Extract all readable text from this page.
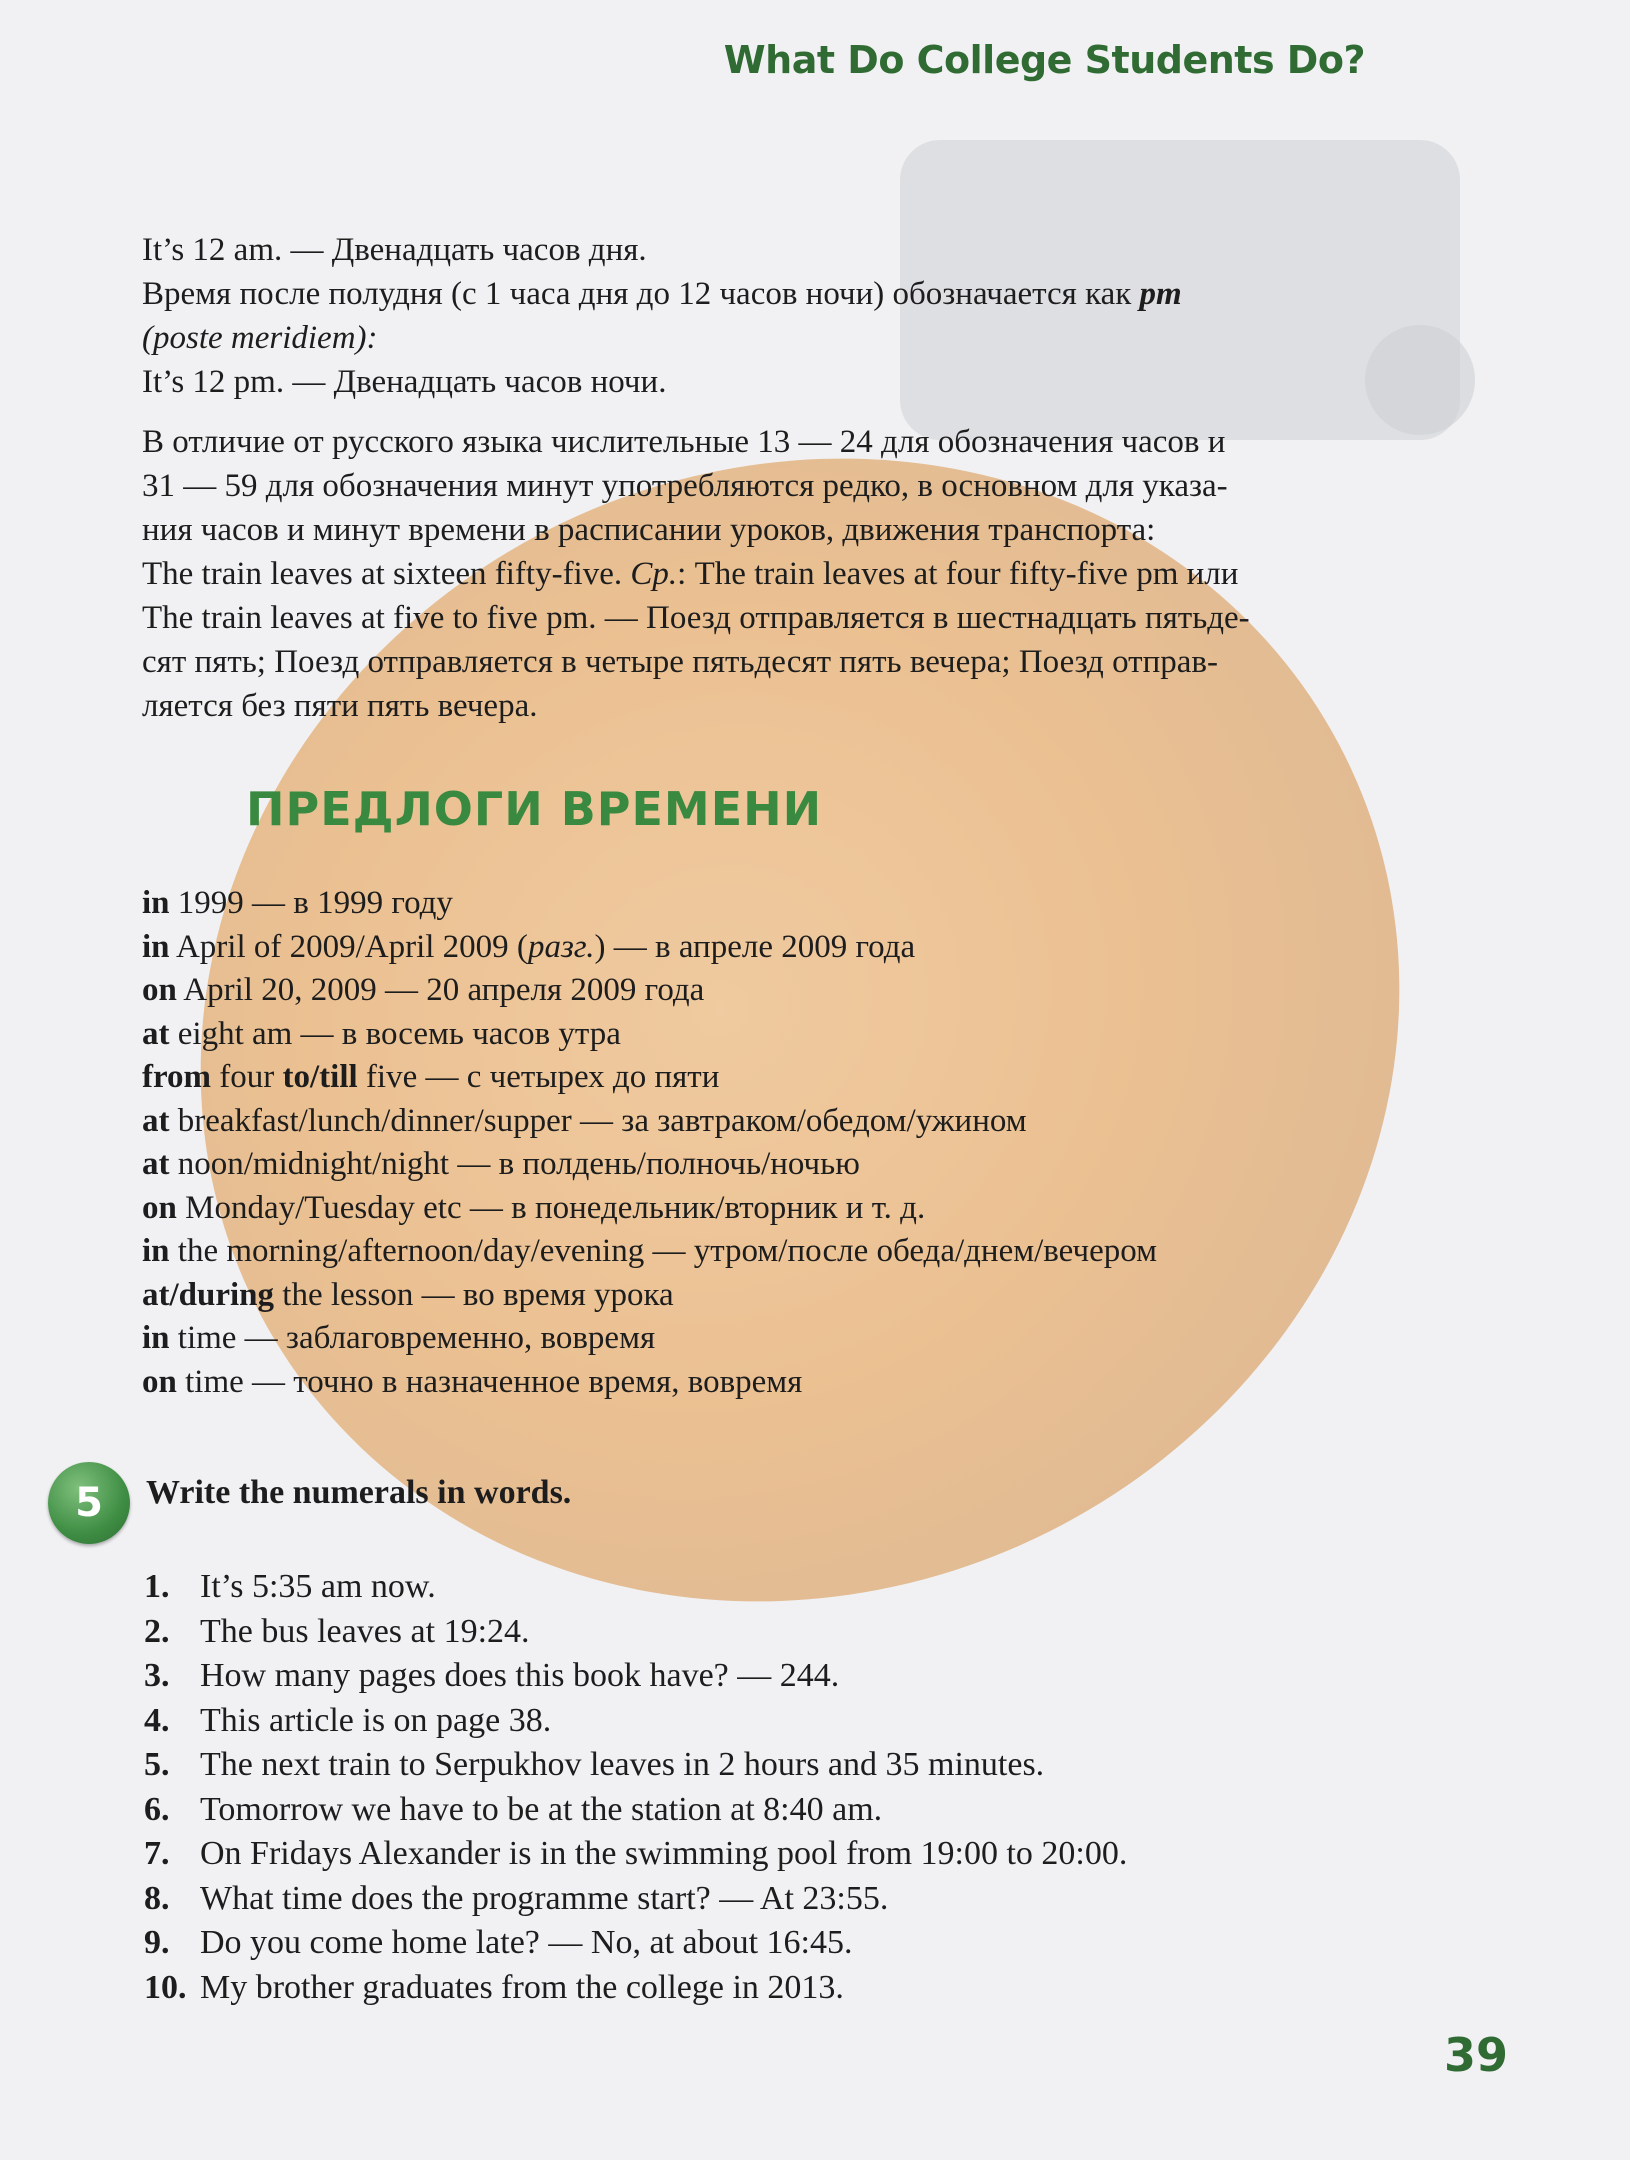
What Do College Students Do?

It’s 12 am. — Двенадцать часов дня.

Время после полудня (с 1 часа дня до 12 часов ночи) обозначается как pm

(poste meridiem):

It’s 12 pm. — Двенадцать часов ночи.

В отличие от русского языка числительные 13 — 24 для обозначения часов и

31 — 59 для обозначения минут употребляются редко, в основном для указа-

ния часов и минут времени в расписании уроков, движения транспорта:

The train leaves at sixteen fifty-five. Ср.: The train leaves at four fifty-five pm или

The train leaves at five to five pm. — Поезд отправляется в шестнадцать пятьде-

сят пять; Поезд отправляется в четыре пятьдесят пять вечера; Поезд отправ-

ляется без пяти пять вечера.

ПРЕДЛОГИ ВРЕМЕНИ

in 1999 — в 1999 году

in April of 2009/April 2009 (разг.) — в апреле 2009 года

on April 20, 2009 — 20 апреля 2009 года

at eight am — в восемь часов утра

from four to/till five — с четырех до пяти

at breakfast/lunch/dinner/supper — за завтраком/обедом/ужином

at noon/midnight/night — в полдень/полночь/ночью

on Monday/Tuesday etc — в понедельник/вторник и т. д.

in the morning/afternoon/day/evening — утром/после обеда/днем/вечером

at/during the lesson — во время урока

in time — заблаговременно, вовремя

on time — точно в назначенное время, вовремя

5	Write the numerals in words.
1. It’s 5:35 am now.
2. The bus leaves at 19:24.
3. How many pages does this book have? — 244.
4. This article is on page 38.
5. The next train to Serpukhov leaves in 2 hours and 35 minutes.
6. Tomorrow we have to be at the station at 8:40 am.
7. On Fridays Alexander is in the swimming pool from 19:00 to 20:00.
8. What time does the programme start? — At 23:55.
9. Do you come home late? — No, at about 16:45.
10. My brother graduates from the college in 2013.
39
